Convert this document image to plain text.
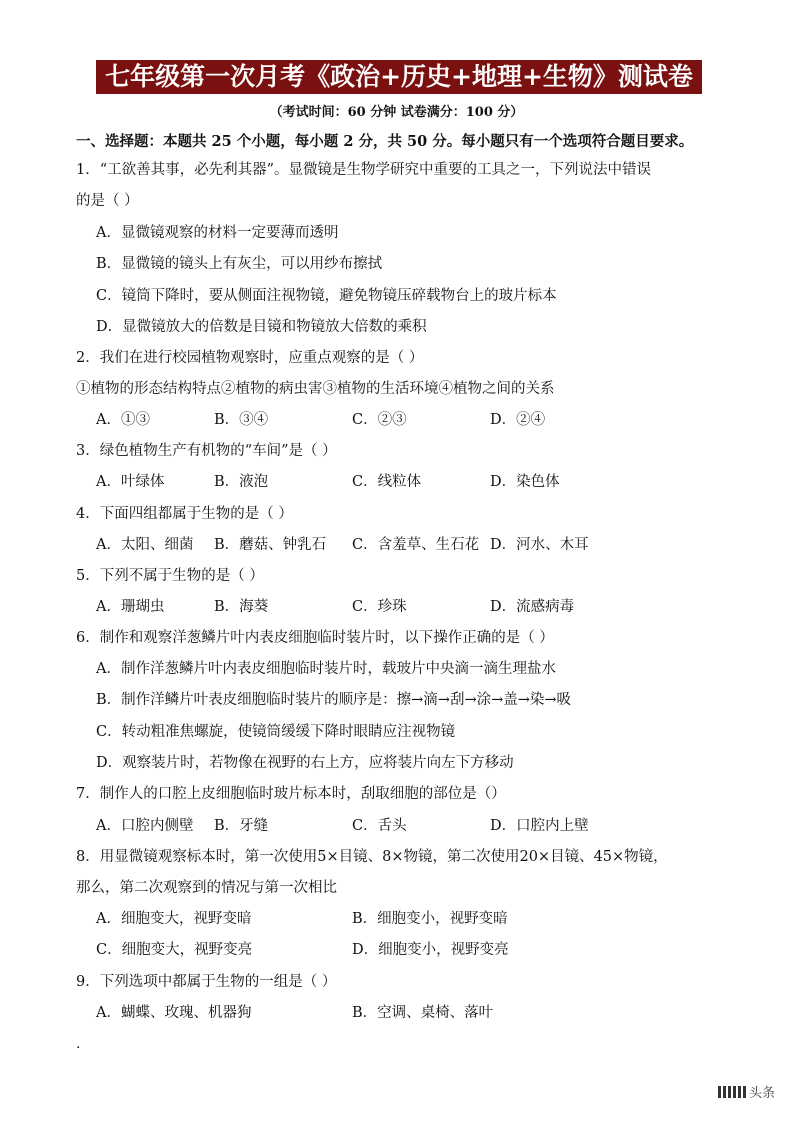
七年级第一次月考《政治+历史+地理+生物》测试卷
（考试时间：60 分钟 试卷满分：100 分）
一、选择题：本题共 25 个小题，每小题 2 分，共 50 分。每小题只有一个选项符合题目要求。
1．“工欲善其事，必先利其器”。显微镜是生物学研究中重要的工具之一，下列说法中错误
的是（ ）
A．显微镜观察的材料一定要薄而透明
B．显微镜的镜头上有灰尘，可以用纱布擦拭
C．镜筒下降时，要从侧面注视物镜，避免物镜压碎载物台上的玻片标本
D．显微镜放大的倍数是目镜和物镜放大倍数的乘积
2．我们在进行校园植物观察时，应重点观察的是（ ）
①植物的形态结构特点②植物的病虫害③植物的生活环境④植物之间的关系
A．①③	B．③④	C．②③	D．②④
3．绿色植物生产有机物的“车间”是（ ）
A．叶绿体	B．液泡	C．线粒体	D．染色体
4．下面四组都属于生物的是（ ）
A．太阳、细菌 B．蘑菇、钟乳石 C．含羞草、生石花 D．河水、木耳
5．下列不属于生物的是（ ）
A．珊瑚虫	B．海葵	C．珍珠	D．流感病毒
6．制作和观察洋葱鳞片叶内表皮细胞临时装片时，以下操作正确的是（ ）
A．制作洋葱鳞片叶内表皮细胞临时装片时，载玻片中央滴一滴生理盐水
B．制作洋鳞片叶表皮细胞临时装片的顺序是：擦→滴→刮→涂→盖→染→吸
C．转动粗准焦螺旋，使镜筒缓缓下降时眼睛应注视物镜
D．观察装片时，若物像在视野的右上方，应将装片向左下方移动
7．制作人的口腔上皮细胞临时玻片标本时，刮取细胞的部位是（）
A．口腔内侧壁 B．牙缝	C．舌头	D．口腔内上壁
8．用显微镜观察标本时，第一次使用5×目镜、8×物镜，第二次使用20×目镜、45×物镜，
那么，第二次观察到的情况与第一次相比
A．细胞变大，视野变暗	B．细胞变小，视野变暗
C．细胞变大，视野变亮	D．细胞变小，视野变亮
9．下列选项中都属于生物的一组是（ ）
A．蝴蝶、玫瑰、机器狗	B．空调、桌椅、落叶
.
头条
